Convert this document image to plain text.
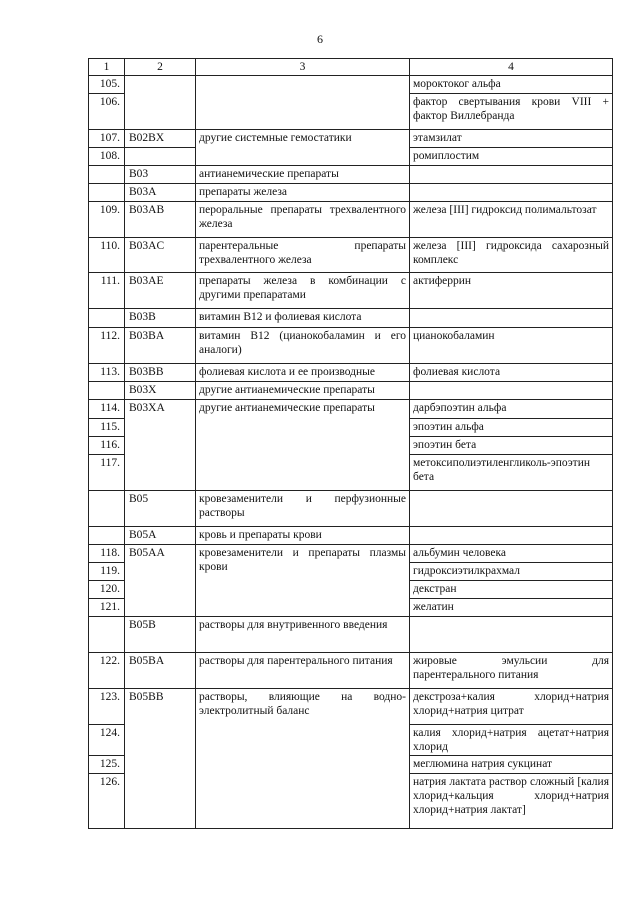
6
1	2	3	4
105.			мороктоког альфа
106.			фактор свертывания крови VIII + фактор Виллебранда
107.	B02BX	другие системные гемостатики	этамзилат
108.			ромиплостим
	B03	антианемические препараты	
	B03A	препараты железа	
109.	B03AB	пероральные препараты трехвалентного железа	железа [III] гидроксид полимальтозат
110.	B03AC	парентеральные препараты трехвалентного железа	железа [III] гидроксида сахарозный комплекс
111.	B03AE	препараты железа в комбинации с другими препаратами	актиферрин
	B03B	витамин B12 и фолиевая кислота	
112.	B03BA	витамин B12 (цианокобаламин и его аналоги)	цианокобаламин
113.	B03BB	фолиевая кислота и ее производные	фолиевая кислота
	B03X	другие антианемические препараты	
114.	B03XA	другие антианемические препараты	дарбэпоэтин альфа
115.			эпоэтин альфа
116.			эпоэтин бета
117.			метоксиполиэтиленгликоль-эпоэтин бета
	B05	кровезаменители и перфузионные растворы	
	B05A	кровь и препараты крови	
118.	B05AA	кровезаменители и препараты плазмы крови	альбумин человека
119.			гидроксиэтилкрахмал
120.			декстран
121.			желатин
	B05B	растворы для внутривенного введения	
122.	B05BA	растворы для парентерального питания	жировые эмульсии для парентерального питания
123.	B05BB	растворы, влияющие на водно-электролитный баланс	декстроза+калия хлорид+натрия хлорид+натрия цитрат
124.			калия хлорид+натрия ацетат+натрия хлорид
125.			меглюмина натрия сукцинат
126.			натрия лактата раствор сложный [калия хлорид+кальция хлорид+натрия хлорид+натрия лактат]
